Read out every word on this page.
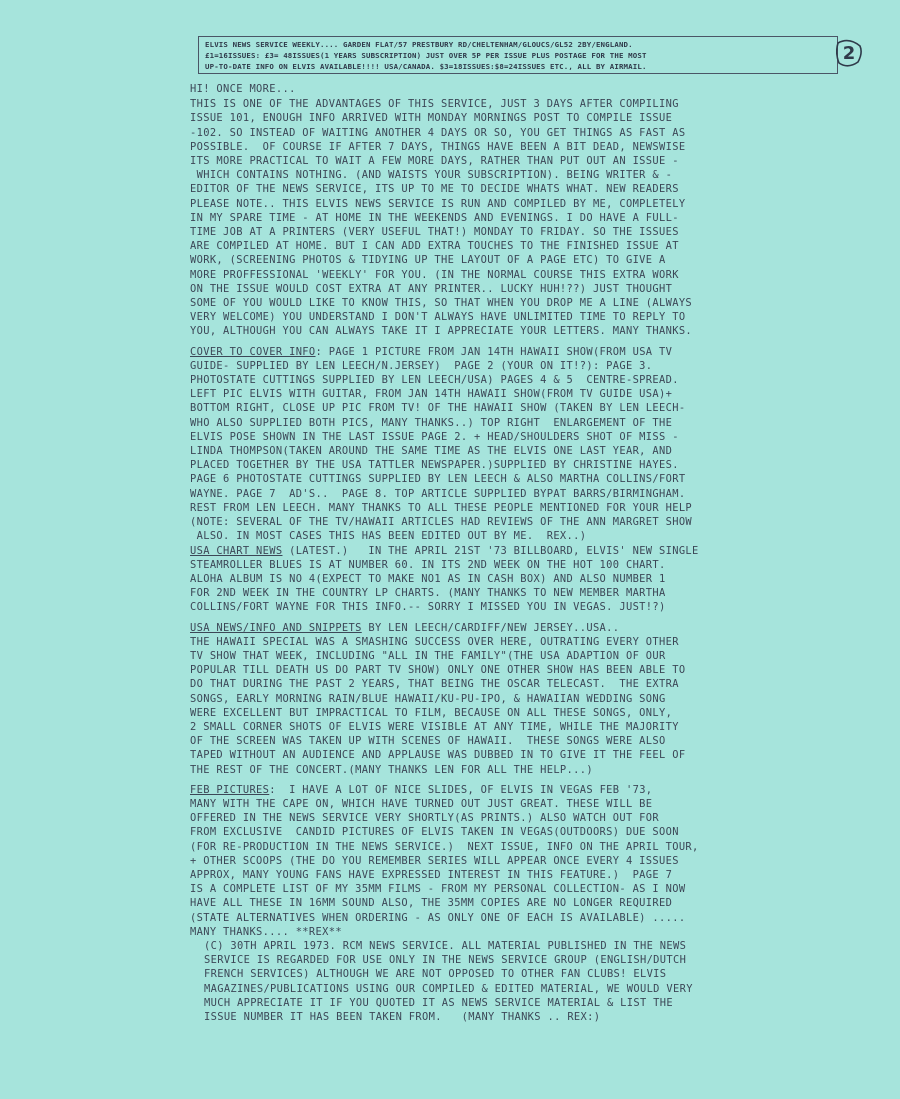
ELVIS NEWS SERVICE WEEKLY.... GARDEN FLAT/57 PRESTBURY RD/CHELTENHAM/GLOUCS/GL52 2BY/ENGLAND.
£1=16ISSUES: £3= 48ISSUES(1 YEARS SUBSCRIPTION) JUST OVER 5P PER ISSUE PLUS POSTAGE FOR THE MOST
UP-TO-DATE INFO ON ELVIS AVAILABLE!!!! USA/CANADA. $3=18ISSUES:$8=24ISSUES ETC., ALL BY AIRMAIL.
2
HI! ONCE MORE...
THIS IS ONE OF THE ADVANTAGES OF THIS SERVICE, JUST 3 DAYS AFTER COMPILING
ISSUE 101, ENOUGH INFO ARRIVED WITH MONDAY MORNINGS POST TO COMPILE ISSUE
-102. SO INSTEAD OF WAITING ANOTHER 4 DAYS OR SO, YOU GET THINGS AS FAST AS
POSSIBLE.  OF COURSE IF AFTER 7 DAYS, THINGS HAVE BEEN A BIT DEAD, NEWSWISE
ITS MORE PRACTICAL TO WAIT A FEW MORE DAYS, RATHER THAN PUT OUT AN ISSUE -
WHICH CONTAINS NOTHING. (AND WAISTS YOUR SUBSCRIPTION). BEING WRITER & -
EDITOR OF THE NEWS SERVICE, ITS UP TO ME TO DECIDE WHATS WHAT. NEW READERS
PLEASE NOTE.. THIS ELVIS NEWS SERVICE IS RUN AND COMPILED BY ME, COMPLETELY
IN MY SPARE TIME - AT HOME IN THE WEEKENDS AND EVENINGS. I DO HAVE A FULL-
TIME JOB AT A PRINTERS (VERY USEFUL THAT!) MONDAY TO FRIDAY. SO THE ISSUES
ARE COMPILED AT HOME. BUT I CAN ADD EXTRA TOUCHES TO THE FINISHED ISSUE AT
WORK, (SCREENING PHOTOS & TIDYING UP THE LAYOUT OF A PAGE ETC) TO GIVE A
MORE PROFFESSIONAL 'WEEKLY' FOR YOU. (IN THE NORMAL COURSE THIS EXTRA WORK
ON THE ISSUE WOULD COST EXTRA AT ANY PRINTER.. LUCKY HUH!??) JUST THOUGHT
SOME OF YOU WOULD LIKE TO KNOW THIS, SO THAT WHEN YOU DROP ME A LINE (ALWAYS
VERY WELCOME) YOU UNDERSTAND I DON'T ALWAYS HAVE UNLIMITED TIME TO REPLY TO
YOU, ALTHOUGH YOU CAN ALWAYS TAKE IT I APPRECIATE YOUR LETTERS. MANY THANKS.
COVER TO COVER INFO: PAGE 1 PICTURE FROM JAN 14TH HAWAII SHOW(FROM USA TV
GUIDE- SUPPLIED BY LEN LEECH/N.JERSEY)  PAGE 2 (YOUR ON IT!?): PAGE 3.
PHOTOSTATE CUTTINGS SUPPLIED BY LEN LEECH/USA) PAGES 4 & 5  CENTRE-SPREAD.
LEFT PIC ELVIS WITH GUITAR, FROM JAN 14TH HAWAII SHOW(FROM TV GUIDE USA)+
BOTTOM RIGHT, CLOSE UP PIC FROM TV! OF THE HAWAII SHOW (TAKEN BY LEN LEECH-
WHO ALSO SUPPLIED BOTH PICS, MANY THANKS..) TOP RIGHT  ENLARGEMENT OF THE
ELVIS POSE SHOWN IN THE LAST ISSUE PAGE 2. + HEAD/SHOULDERS SHOT OF MISS -
LINDA THOMPSON(TAKEN AROUND THE SAME TIME AS THE ELVIS ONE LAST YEAR, AND
PLACED TOGETHER BY THE USA TATTLER NEWSPAPER.)SUPPLIED BY CHRISTINE HAYES.
PAGE 6 PHOTOSTATE CUTTINGS SUPPLIED BY LEN LEECH & ALSO MARTHA COLLINS/FORT
WAYNE. PAGE 7  AD'S..  PAGE 8. TOP ARTICLE SUPPLIED BYPAT BARRS/BIRMINGHAM.
REST FROM LEN LEECH. MANY THANKS TO ALL THESE PEOPLE MENTIONED FOR YOUR HELP
(NOTE: SEVERAL OF THE TV/HAWAII ARTICLES HAD REVIEWS OF THE ANN MARGRET SHOW
ALSO. IN MOST CASES THIS HAS BEEN EDITED OUT BY ME.  REX..)
USA CHART NEWS (LATEST.)   IN THE APRIL 21ST '73 BILLBOARD, ELVIS' NEW SINGLE
STEAMROLLER BLUES IS AT NUMBER 60. IN ITS 2ND WEEK ON THE HOT 100 CHART.
ALOHA ALBUM IS NO 4(EXPECT TO MAKE NO1 AS IN CASH BOX) AND ALSO NUMBER 1
FOR 2ND WEEK IN THE COUNTRY LP CHARTS. (MANY THANKS TO NEW MEMBER MARTHA
COLLINS/FORT WAYNE FOR THIS INFO.-- SORRY I MISSED YOU IN VEGAS. JUST!?)
USA NEWS/INFO AND SNIPPETS BY LEN LEECH/CARDIFF/NEW JERSEY..USA..
THE HAWAII SPECIAL WAS A SMASHING SUCCESS OVER HERE, OUTRATING EVERY OTHER
TV SHOW THAT WEEK, INCLUDING "ALL IN THE FAMILY"(THE USA ADAPTION OF OUR
POPULAR TILL DEATH US DO PART TV SHOW) ONLY ONE OTHER SHOW HAS BEEN ABLE TO
DO THAT DURING THE PAST 2 YEARS, THAT BEING THE OSCAR TELECAST.  THE EXTRA
SONGS, EARLY MORNING RAIN/BLUE HAWAII/KU-PU-IPO, & HAWAIIAN WEDDING SONG
WERE EXCELLENT BUT IMPRACTICAL TO FILM, BECAUSE ON ALL THESE SONGS, ONLY,
2 SMALL CORNER SHOTS OF ELVIS WERE VISIBLE AT ANY TIME, WHILE THE MAJORITY
OF THE SCREEN WAS TAKEN UP WITH SCENES OF HAWAII.  THESE SONGS WERE ALSO
TAPED WITHOUT AN AUDIENCE AND APPLAUSE WAS DUBBED IN TO GIVE IT THE FEEL OF
THE REST OF THE CONCERT.(MANY THANKS LEN FOR ALL THE HELP...)
FEB PICTURES:  I HAVE A LOT OF NICE SLIDES, OF ELVIS IN VEGAS FEB '73,
MANY WITH THE CAPE ON, WHICH HAVE TURNED OUT JUST GREAT. THESE WILL BE
OFFERED IN THE NEWS SERVICE VERY SHORTLY(AS PRINTS.) ALSO WATCH OUT FOR
FROM EXCLUSIVE  CANDID PICTURES OF ELVIS TAKEN IN VEGAS(OUTDOORS) DUE SOON
(FOR RE-PRODUCTION IN THE NEWS SERVICE.)  NEXT ISSUE, INFO ON THE APRIL TOUR,
+ OTHER SCOOPS (THE DO YOU REMEMBER SERIES WILL APPEAR ONCE EVERY 4 ISSUES
APPROX, MANY YOUNG FANS HAVE EXPRESSED INTEREST IN THIS FEATURE.)  PAGE 7
IS A COMPLETE LIST OF MY 35MM FILMS - FROM MY PERSONAL COLLECTION- AS I NOW
HAVE ALL THESE IN 16MM SOUND ALSO, THE 35MM COPIES ARE NO LONGER REQUIRED
(STATE ALTERNATIVES WHEN ORDERING - AS ONLY ONE OF EACH IS AVAILABLE) .....
MANY THANKS.... **REX**
(C) 30TH APRIL 1973. RCM NEWS SERVICE. ALL MATERIAL PUBLISHED IN THE NEWS
SERVICE IS REGARDED FOR USE ONLY IN THE NEWS SERVICE GROUP (ENGLISH/DUTCH
FRENCH SERVICES) ALTHOUGH WE ARE NOT OPPOSED TO OTHER FAN CLUBS! ELVIS
MAGAZINES/PUBLICATIONS USING OUR COMPILED & EDITED MATERIAL, WE WOULD VERY
MUCH APPRECIATE IT IF YOU QUOTED IT AS NEWS SERVICE MATERIAL & LIST THE
ISSUE NUMBER IT HAS BEEN TAKEN FROM.   (MANY THANKS .. REX:)
